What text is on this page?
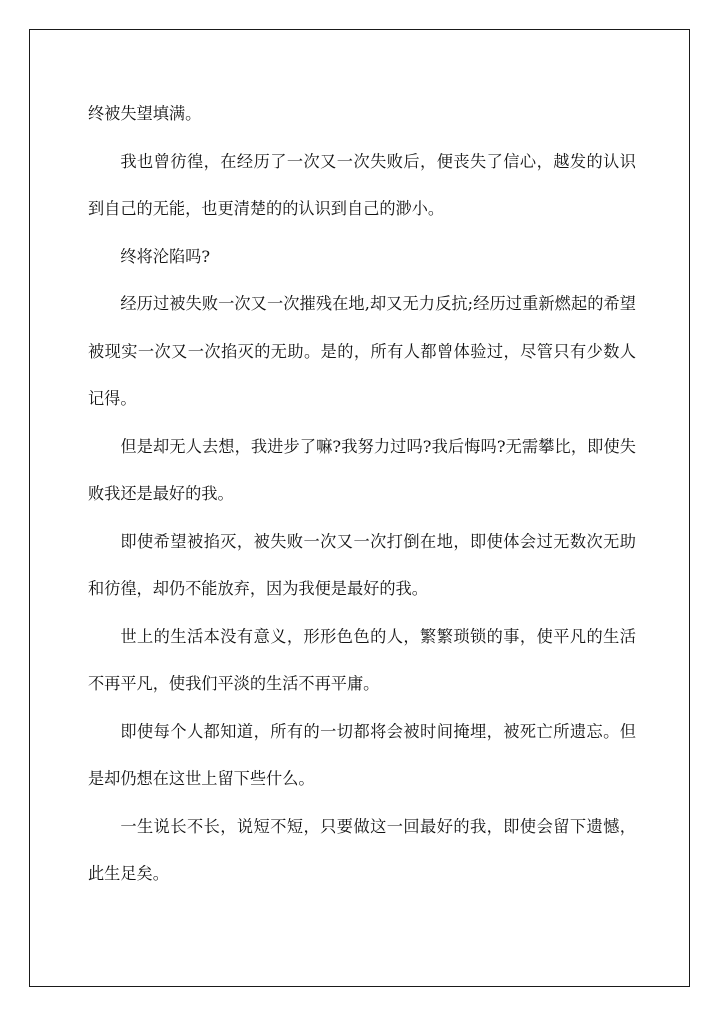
终被失望填满。

我也曾彷徨，在经历了一次又一次失败后，便丧失了信心，越发的认识到自己的无能，也更清楚的的认识到自己的渺小。

终将沦陷吗?

经历过被失败一次又一次摧残在地,却又无力反抗;经历过重新燃起的希望被现实一次又一次掐灭的无助。是的，所有人都曾体验过，尽管只有少数人记得。

但是却无人去想，我进步了嘛?我努力过吗?我后悔吗?无需攀比，即使失败我还是最好的我。

即使希望被掐灭，被失败一次又一次打倒在地，即使体会过无数次无助和彷徨，却仍不能放弃，因为我便是最好的我。

世上的生活本没有意义，形形色色的人，繁繁琐锁的事，使平凡的生活不再平凡，使我们平淡的生活不再平庸。

即使每个人都知道，所有的一切都将会被时间掩埋，被死亡所遗忘。但是却仍想在这世上留下些什么。

一生说长不长，说短不短，只要做这一回最好的我，即使会留下遗憾，此生足矣。
